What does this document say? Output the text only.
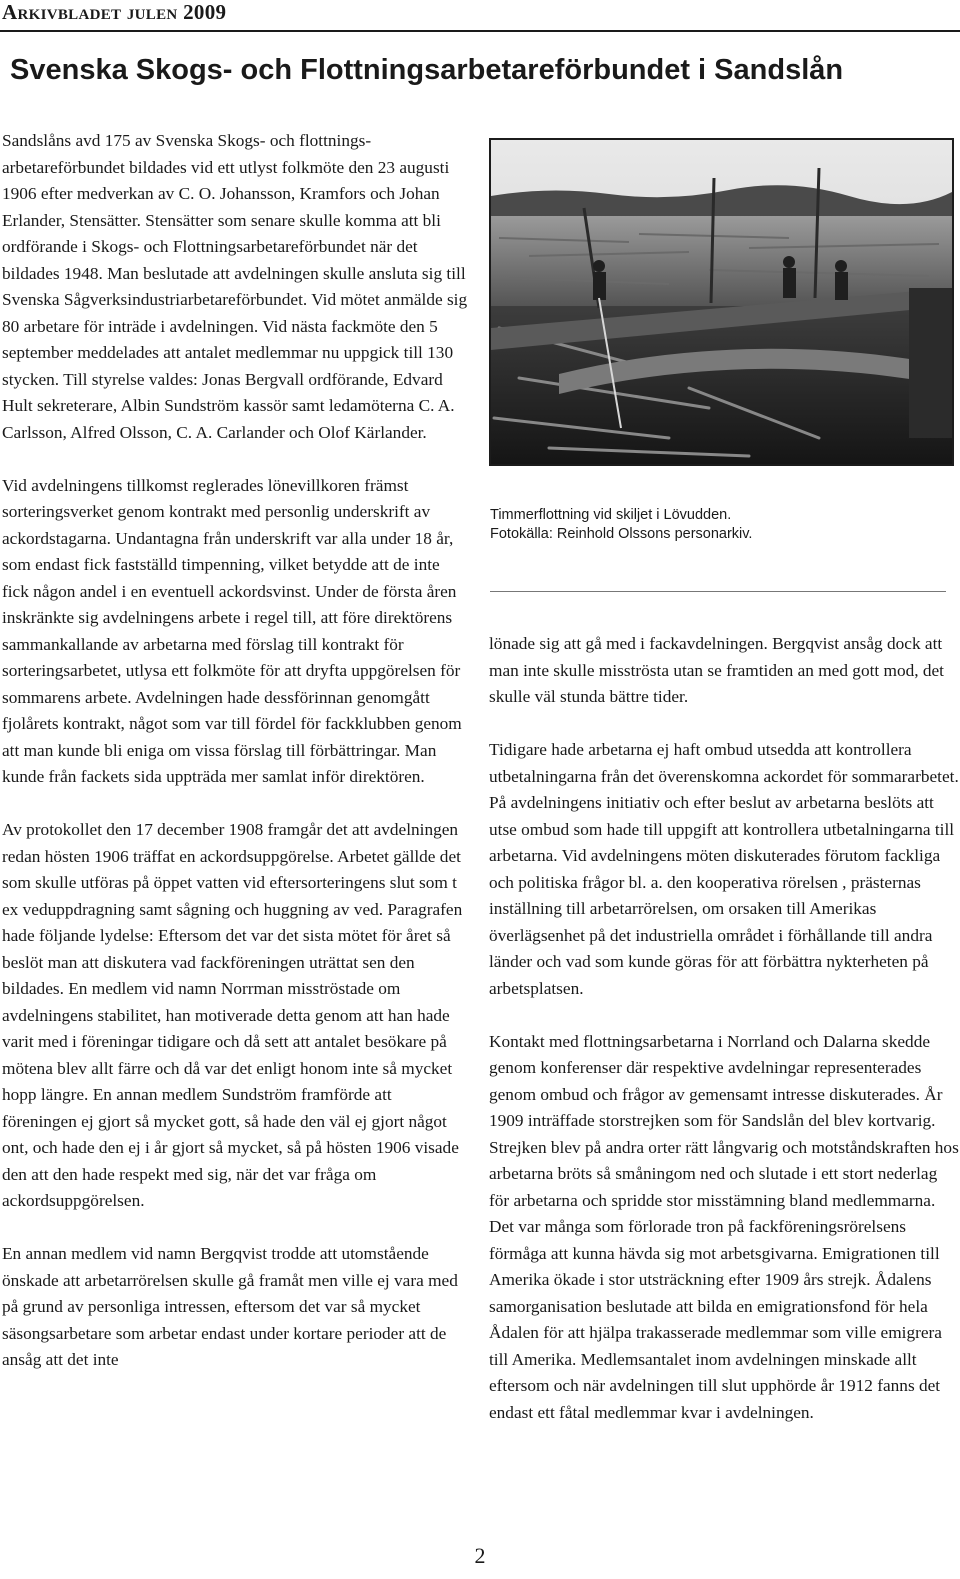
Arkivbladet julen 2009
Svenska Skogs- och Flottningsarbetareförbundet i Sandslån

Sandslåns avd 175 av Svenska Skogs- och flottningsarbetareförbundet bildades vid ett utlyst folkmöte den 23 augusti 1906 efter medverkan av C. O. Johansson, Kramfors och Johan Erlander, Stensätter. Stensätter som senare skulle komma att bli ordförande i Skogs- och Flottningsarbetareförbundet när det bildades 1948. Man beslutade att avdelningen skulle ansluta sig till Svenska Sågverksindustriarbetareförbundet. Vid mötet anmälde sig 80 arbetare för inträde i avdelningen. Vid nästa fackmöte den 5 september meddelades att antalet medlemmar nu uppgick till 130 stycken. Till styrelse valdes: Jonas Bergvall ordförande, Edvard Hult sekreterare, Albin Sundström kassör samt ledamöterna C. A. Carlsson, Alfred Olsson, C. A. Carlander och Olof Kärlander.

Vid avdelningens tillkomst reglerades lönevillkoren främst sorteringsverket genom kontrakt med personlig underskrift av ackordstagarna. Undantagna från underskrift var alla under 18 år, som endast fick fastställd timpenning, vilket betydde att de inte fick någon andel i en eventuell ackordsvinst. Under de första åren inskränkte sig avdelningens arbete i regel till, att före direktörens sammankallande av arbetarna med förslag till kontrakt för sorteringsarbetet, utlysa ett folkmöte för att dryfta uppgörelsen för sommarens arbete. Avdelningen hade dessförinnan genomgått fjolårets kontrakt, något som var till fördel för fackklubben genom att man kunde bli eniga om vissa förslag till förbättringar. Man kunde från fackets sida uppträda mer samlat inför direktören.

Av protokollet den 17 december 1908 framgår det att avdelningen redan hösten 1906 träffat en ackordsuppgörelse. Arbetet gällde det som skulle utföras på öppet vatten vid eftersorteringens slut som t ex veduppdragning samt sågning och huggning av ved. Paragrafen hade följande lydelse: Eftersom det var det sista mötet för året så beslöt man att diskutera vad fackföreningen uträttat sen den bildades. En medlem vid namn Norrman misströstade om avdelningens stabilitet, han motiverade detta genom att han hade varit med i föreningar tidigare och då sett att antalet besökare på mötena blev allt färre och då var det enligt honom inte så mycket hopp längre. En annan medlem Sundström framförde att föreningen ej gjort så mycket gott, så hade den väl ej gjort något ont, och hade den ej i år gjort så mycket, så på hösten 1906 visade den att den hade respekt med sig, när det var fråga om ackordsuppgörelsen.

En annan medlem vid namn Bergqvist trodde att utomstående önskade att arbetarrörelsen skulle gå framåt men ville ej vara med på grund av personliga intressen, eftersom det var så mycket säsongsarbetare som arbetar endast under kortare perioder att de ansåg att det inte

Timmerflottning vid skiljet i Lövudden.
Fotokälla: Reinhold Olssons personarkiv.

lönade sig att gå med i fackavdelningen. Bergqvist ansåg dock att man inte skulle misströsta utan se framtiden an med gott mod, det skulle väl stunda bättre tider.

Tidigare hade arbetarna ej haft ombud utsedda att kontrollera utbetalningarna från det överenskomna ackordet för sommararbetet. På avdelningens initiativ och efter beslut av arbetarna beslöts att utse ombud som hade till uppgift att kontrollera utbetalningarna till arbetarna. Vid avdelningens möten diskuterades förutom fackliga och politiska frågor bl. a. den kooperativa rörelsen , prästernas inställning till arbetarrörelsen, om orsaken till Amerikas överlägsenhet på det industriella området i förhållande till andra länder och vad som kunde göras för att förbättra nykterheten på arbetsplatsen.

Kontakt med flottningsarbetarna i Norrland och Dalarna skedde genom konferenser där respektive avdelningar representerades genom ombud och frågor av gemensamt intresse diskuterades. År 1909 inträffade storstrejken som för Sandslån del blev kortvarig. Strejken blev på andra orter rätt långvarig och motståndskraften hos arbetarna bröts så småningom ned och slutade i ett stort nederlag för arbetarna och spridde stor misstämning bland medlemmarna. Det var många som förlorade tron på fackföreningsrörelsens förmåga att kunna hävda sig mot arbetsgivarna. Emigrationen till Amerika ökade i stor utsträckning efter 1909 års strejk. Ådalens samorganisation beslutade att bilda en emigrationsfond för hela Ådalen för att hjälpa trakasserade medlemmar som ville emigrera till Amerika. Medlemsantalet inom avdelningen minskade allt eftersom och när avdelningen till slut upphörde år 1912 fanns det endast ett fåtal medlemmar kvar i avdelningen.

2
